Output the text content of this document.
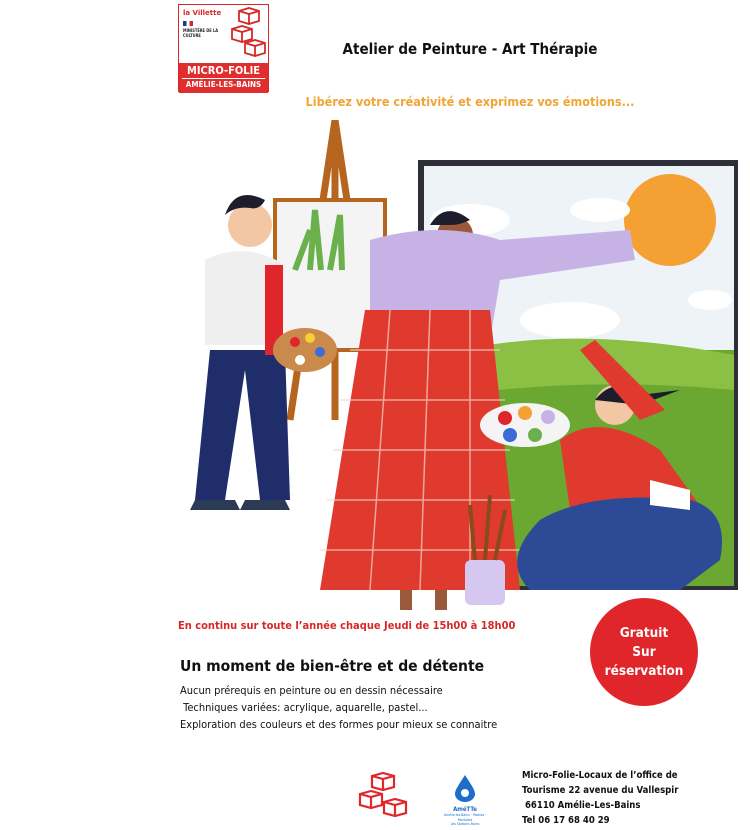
la Villette
MINISTÈRE DE LA CULTURE
MICRO-FOLIE
AMÉLIE-LES-BAINS
Atelier de Peinture - Art Thérapie
Libérez votre créativité et exprimez vos émotions...
En continu sur toute l’année chaque Jeudi de 15h00 à 18h00	Gratuit
Sur
réservation
Un moment de bien-être et de détente
Aucun prérequis en peinture ou en dessin nécessaire
Techniques variées: acrylique, aquarelle, pastel...
Exploration des couleurs et des formes pour mieux se connaitre
AméTTe
Amélie-les-Bains · Palalda · Montalba
Les Stations Bains
Micro-Folie-Locaux de l’office de
Tourisme 22 avenue du Vallespir
66110 Amélie-Les-Bains
Tel 06 17 68 40 29
